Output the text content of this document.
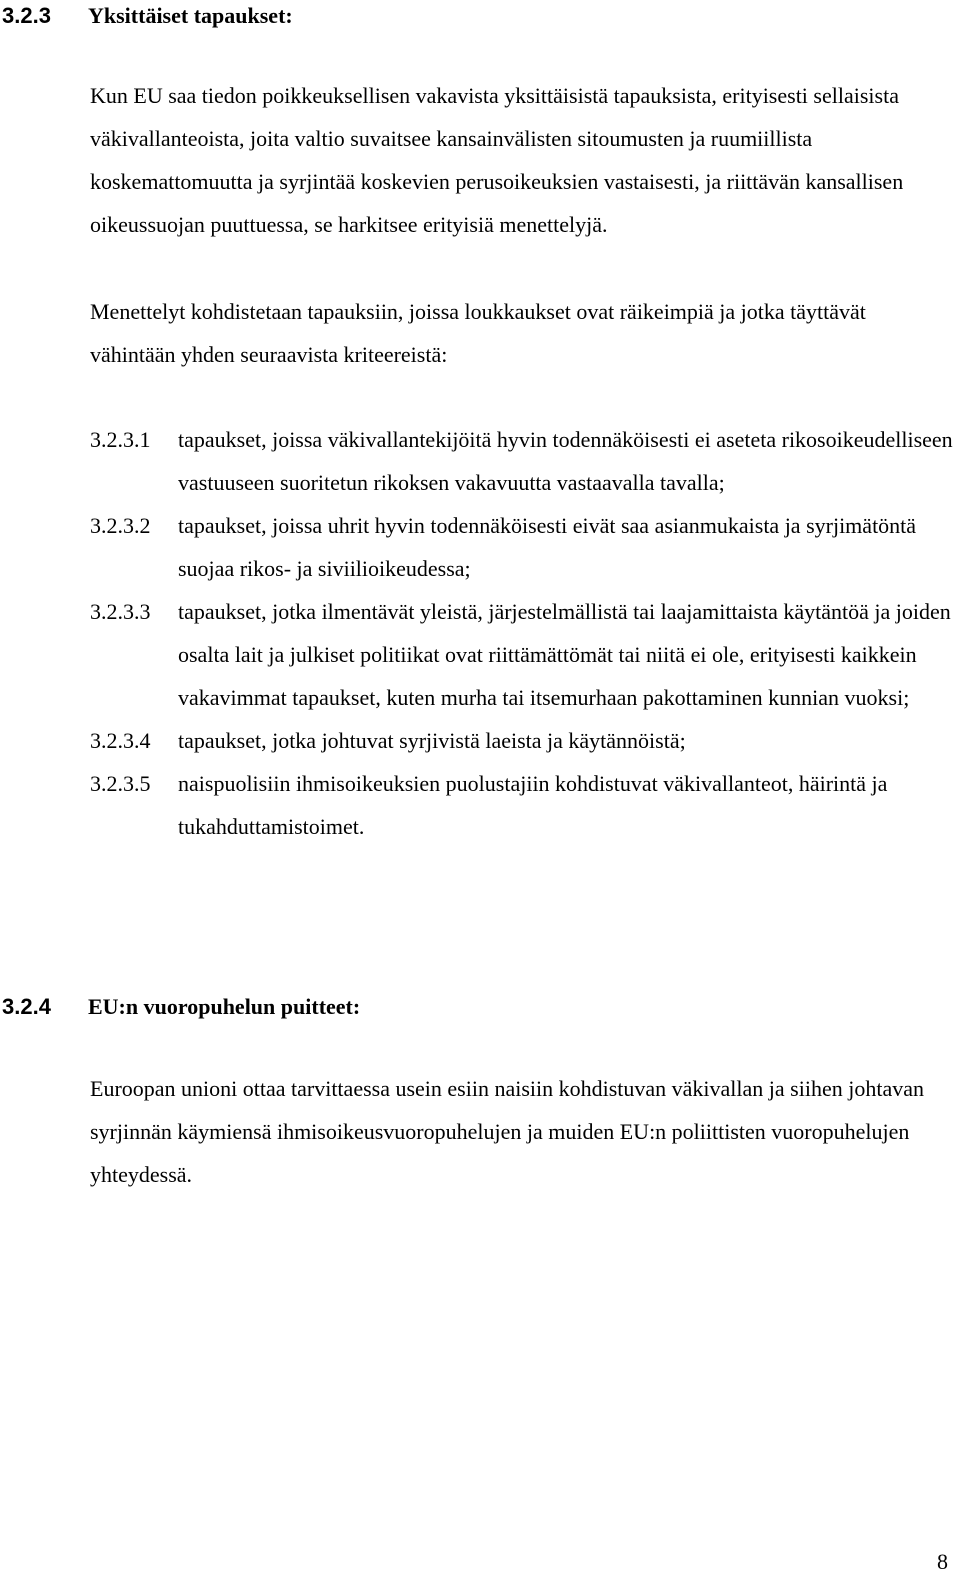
3.2.3 Yksittäiset tapaukset:

Kun EU saa tiedon poikkeuksellisen vakavista yksittäisistä tapauksista, erityisesti sellaisista väkivallanteoista, joita valtio suvaitsee kansainvälisten sitoumusten ja ruumiillista koskemattomuutta ja syrjintää koskevien perusoikeuksien vastaisesti, ja riittävän kansallisen oikeussuojan puuttuessa, se harkitsee erityisiä menettelyjä.

Menettelyt kohdistetaan tapauksiin, joissa loukkaukset ovat räikeimpiä ja jotka täyttävät vähintään yhden seuraavista kriteereistä:

3.2.3.1 tapaukset, joissa väkivallantekijöitä hyvin todennäköisesti ei aseteta rikosoikeudelliseen vastuuseen suoritetun rikoksen vakavuutta vastaavalla tavalla;
3.2.3.2 tapaukset, joissa uhrit hyvin todennäköisesti eivät saa asianmukaista ja syrjimätöntä suojaa rikos- ja siviilioikeudessa;
3.2.3.3 tapaukset, jotka ilmentävät yleistä, järjestelmällistä tai laajamittaista käytäntöä ja joiden osalta lait ja julkiset politiikat ovat riittämättömät tai niitä ei ole, erityisesti kaikkein vakavimmat tapaukset, kuten murha tai itsemurhaan pakottaminen kunnian vuoksi;
3.2.3.4 tapaukset, jotka johtuvat syrjivistä laeista ja käytännöistä;
3.2.3.5 naispuolisiin ihmisoikeuksien puolustajiin kohdistuvat väkivallanteot, häirintä ja tukahduttamistoimet.
3.2.4 EU:n vuoropuhelun puitteet:

Euroopan unioni ottaa tarvittaessa usein esiin naisiin kohdistuvan väkivallan ja siihen johtavan syrjinnän käymiensä ihmisoikeusvuoropuhelujen ja muiden EU:n poliittisten vuoropuhelujen yhteydessä.

8
